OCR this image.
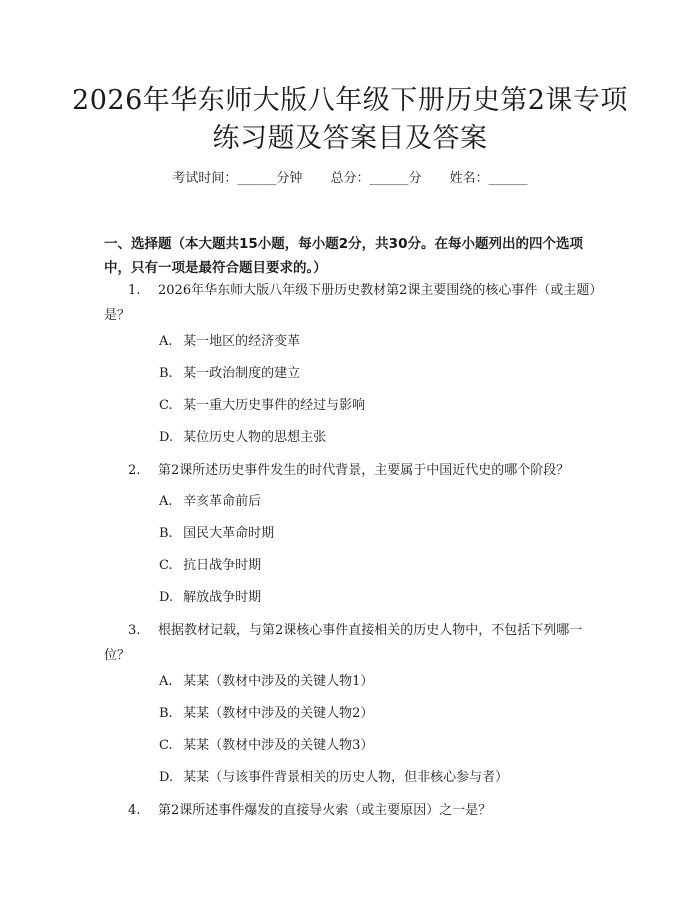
2026年华东师大版八年级下册历史第2课专项练习题及答案目及答案
考试时间：______分钟 总分：______分 姓名：______
一、选择题（本大题共15小题，每小题2分，共30分。在每小题列出的四个选项中，只有一项是最符合题目要求的。）
1. 2026年华东师大版八年级下册历史教材第2课主要围绕的核心事件（或主题）是？
A. 某一地区的经济变革
B. 某一政治制度的建立
C. 某一重大历史事件的经过与影响
D. 某位历史人物的思想主张
2. 第2课所述历史事件发生的时代背景，主要属于中国近代史的哪个阶段？
A. 辛亥革命前后
B. 国民大革命时期
C. 抗日战争时期
D. 解放战争时期
3. 根据教材记载，与第2课核心事件直接相关的历史人物中，不包括下列哪一位？
A. 某某（教材中涉及的关键人物1）
B. 某某（教材中涉及的关键人物2）
C. 某某（教材中涉及的关键人物3）
D. 某某（与该事件背景相关的历史人物，但非核心参与者）
4. 第2课所述事件爆发的直接导火索（或主要原因）之一是？
